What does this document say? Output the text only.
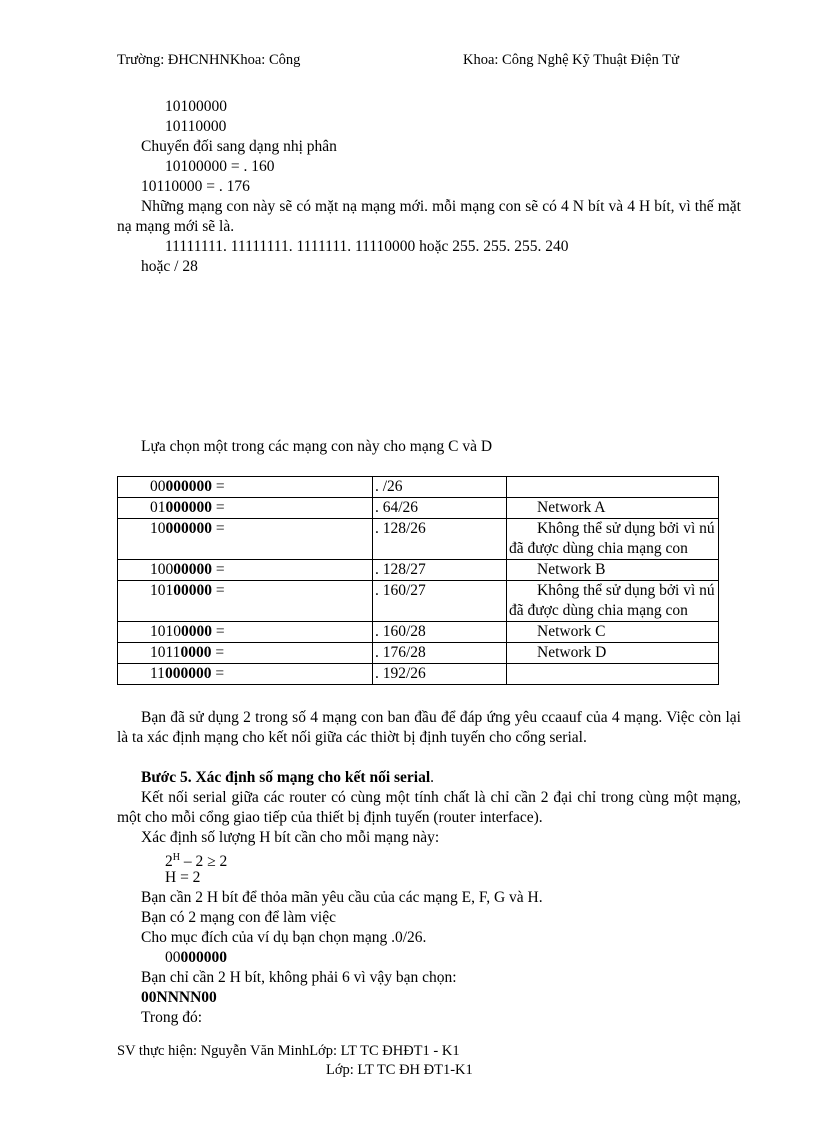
Trường: ĐHCNHNKhoa: Công	Khoa: Công Nghệ Kỹ Thuật Điện Tử
10100000
10110000
Chuyển đối sang dạng nhị phân
10100000 = . 160
10110000 = . 176
Những mạng con này sẽ có mặt nạ mạng mới. mỗi mạng con sẽ có 4 N bít và 4 H bít, vì thế mặt nạ mạng mới sẽ là.
11111111. 11111111. 1111111. 11110000 hoặc 255. 255. 255. 240
hoặc / 28
Lựa chọn một trong các mạng con này cho mạng C và D
00000000 =	. /26	

01000000 =	. 64/26	Network A

10000000 =	. 128/26	Không thể sử dụng bởi vì nú
đã được dùng chia mạng con

10000000 =	. 128/27	Network B

10100000 =	. 160/27	Không thể sử dụng bởi vì nú
đã được dùng chia mạng con

10100000 =	. 160/28	Network C

10110000 =	. 176/28	Network D

11000000 =	. 192/26	
Bạn đã sử dụng 2 trong số 4 mạng con ban đầu để đáp ứng yêu ccaauf của 4 mạng. Việc còn lại là ta xác định mạng cho kết nối giữa các thiờt bị định tuyến cho cổng serial.
Bước 5. Xác định số mạng cho kết nối serial.
Kết nối serial giữa các router có cùng một tính chất là chỉ cần 2 đại chỉ trong cùng một mạng, một cho mỗi cổng giao tiếp của thiết bị định tuyến (router interface).
Xác định số lượng H bít cần cho mỗi mạng này:
$2^H - 2 \ge 2$
H = 2
Bạn cần 2 H bít để thỏa mãn yêu cầu của các mạng E, F, G và H.
Bạn có 2 mạng con để làm việc
Cho mục đích của ví dụ bạn chọn mạng .0/26.
00000000
Bạn chỉ cần 2 H bít, không phải 6 vì vậy bạn chọn:
00NNNN00
Trong đó:
SV thực hiện: Nguyễn Văn MinhLớp: LT TC ĐHĐT1 - K1
Lớp: LT TC ĐH ĐT1-K1
